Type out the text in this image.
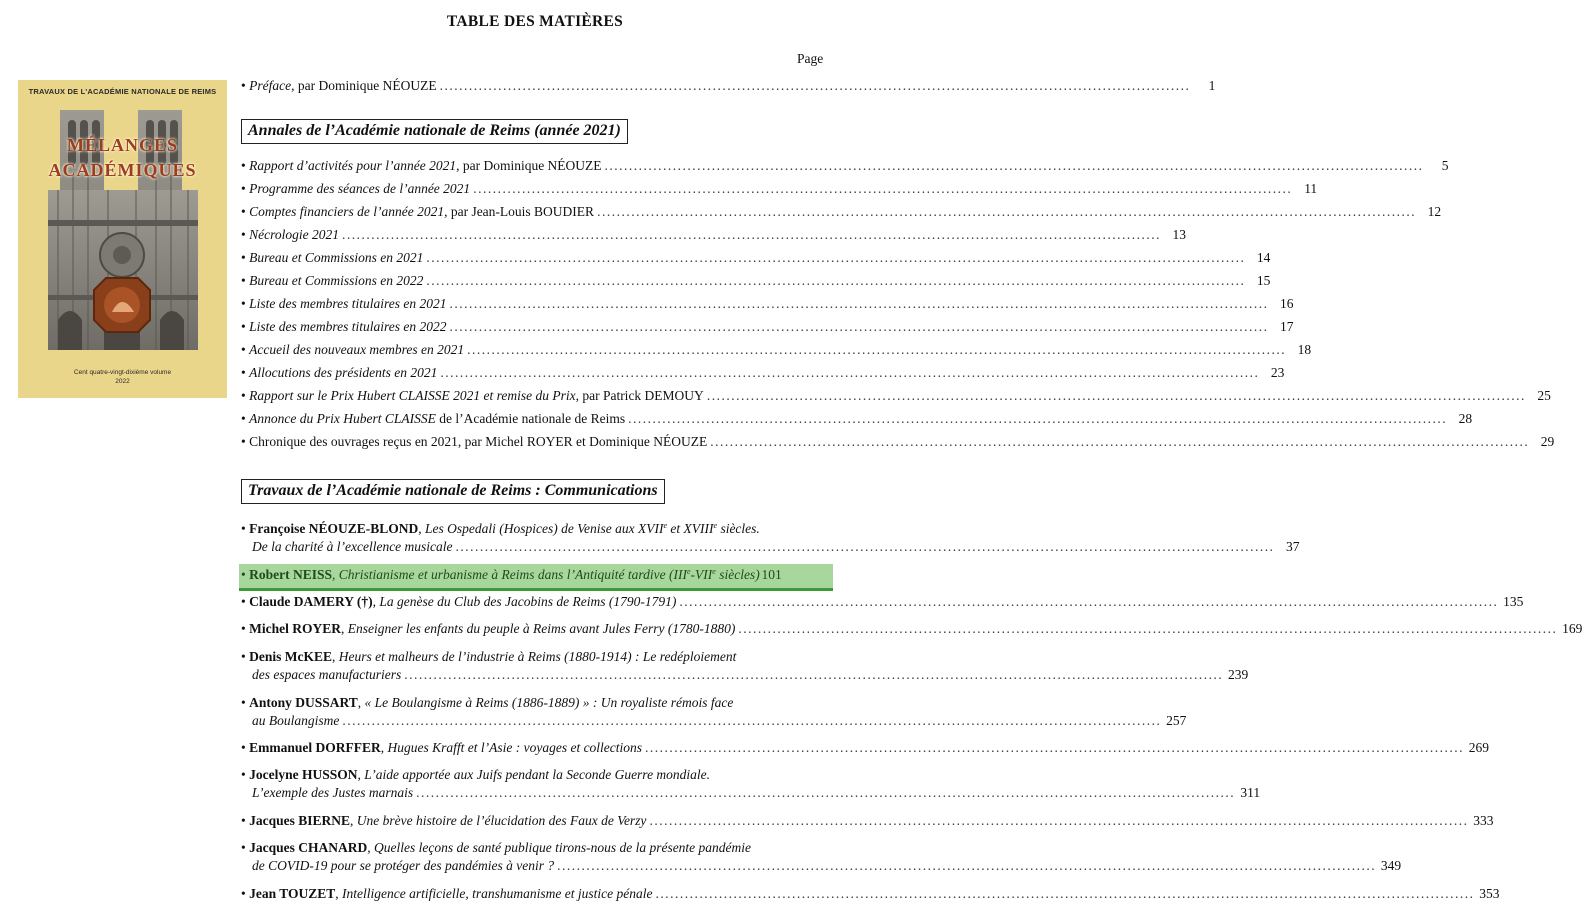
TABLE DES MATIÈRES
Page
TRAVAUX DE L'ACADÉMIE NATIONALE DE REIMS
MÉLANGES
ACADÉMIQUES
Cent quatre-vingt-dixième volume
2022
• Préface, par Dominique NÉOUZE ..........................................................................................................................................................	1
Annales de l’Académie nationale de Reims (année 2021)
• Rapport d’activités pour l’année 2021, par Dominique NÉOUZE ........................................................................................................................................................................	5
• Programme des séances de l’année 2021 ........................................................................................................................................................................ 11
• Comptes financiers de l’année 2021, par Jean-Louis BOUDIER ........................................................................................................................................................................ 12
• Nécrologie 2021 ........................................................................................................................................................................ 13
• Bureau et Commissions en 2021 ........................................................................................................................................................................ 14
• Bureau et Commissions en 2022 ........................................................................................................................................................................ 15
• Liste des membres titulaires en 2021 ........................................................................................................................................................................ 16
• Liste des membres titulaires en 2022 ........................................................................................................................................................................ 17
• Accueil des nouveaux membres en 2021 ........................................................................................................................................................................ 18
• Allocutions des présidents en 2021 ........................................................................................................................................................................ 23
• Rapport sur le Prix Hubert CLAISSE 2021 et remise du Prix, par Patrick DEMOUY ........................................................................................................................................................................ 25
• Annonce du Prix Hubert CLAISSE de l’Académie nationale de Reims ........................................................................................................................................................................ 28
• Chronique des ouvrages reçus en 2021, par Michel ROYER et Dominique NÉOUZE ........................................................................................................................................................................ 29
Travaux de l’Académie nationale de Reims : Communications
• Françoise NÉOUZE-BLOND, Les Ospedali (Hospices) de Venise aux XVIIe et XVIIIe siècles.
De la charité à l’excellence musicale ........................................................................................................................................................................ 37
• Robert NEISS, Christianisme et urbanisme à Reims dans l’Antiquité tardive (IIIe-VIIe siècles) 101
• Claude DAMERY (†), La genèse du Club des Jacobins de Reims (1790-1791) ........................................................................................................................................................................ 135
• Michel ROYER, Enseigner les enfants du peuple à Reims avant Jules Ferry (1780-1880) ........................................................................................................................................................................ 169
• Denis McKEE, Heurs et malheurs de l’industrie à Reims (1880-1914) : Le redéploiement
des espaces manufacturiers ........................................................................................................................................................................ 239
• Antony DUSSART, « Le Boulangisme à Reims (1886-1889) » : Un royaliste rémois face
au Boulangisme ........................................................................................................................................................................ 257
• Emmanuel DORFFER, Hugues Krafft et l’Asie : voyages et collections ........................................................................................................................................................................ 269
• Jocelyne HUSSON, L’aide apportée aux Juifs pendant la Seconde Guerre mondiale.
L’exemple des Justes marnais ........................................................................................................................................................................ 311
• Jacques BIERNE, Une brève histoire de l’élucidation des Faux de Verzy ........................................................................................................................................................................ 333
• Jacques CHANARD, Quelles leçons de santé publique tirons-nous de la présente pandémie
de COVID-19 pour se protéger des pandémies à venir ? ........................................................................................................................................................................ 349
• Jean TOUZET, Intelligence artificielle, transhumanisme et justice pénale ........................................................................................................................................................................ 353
